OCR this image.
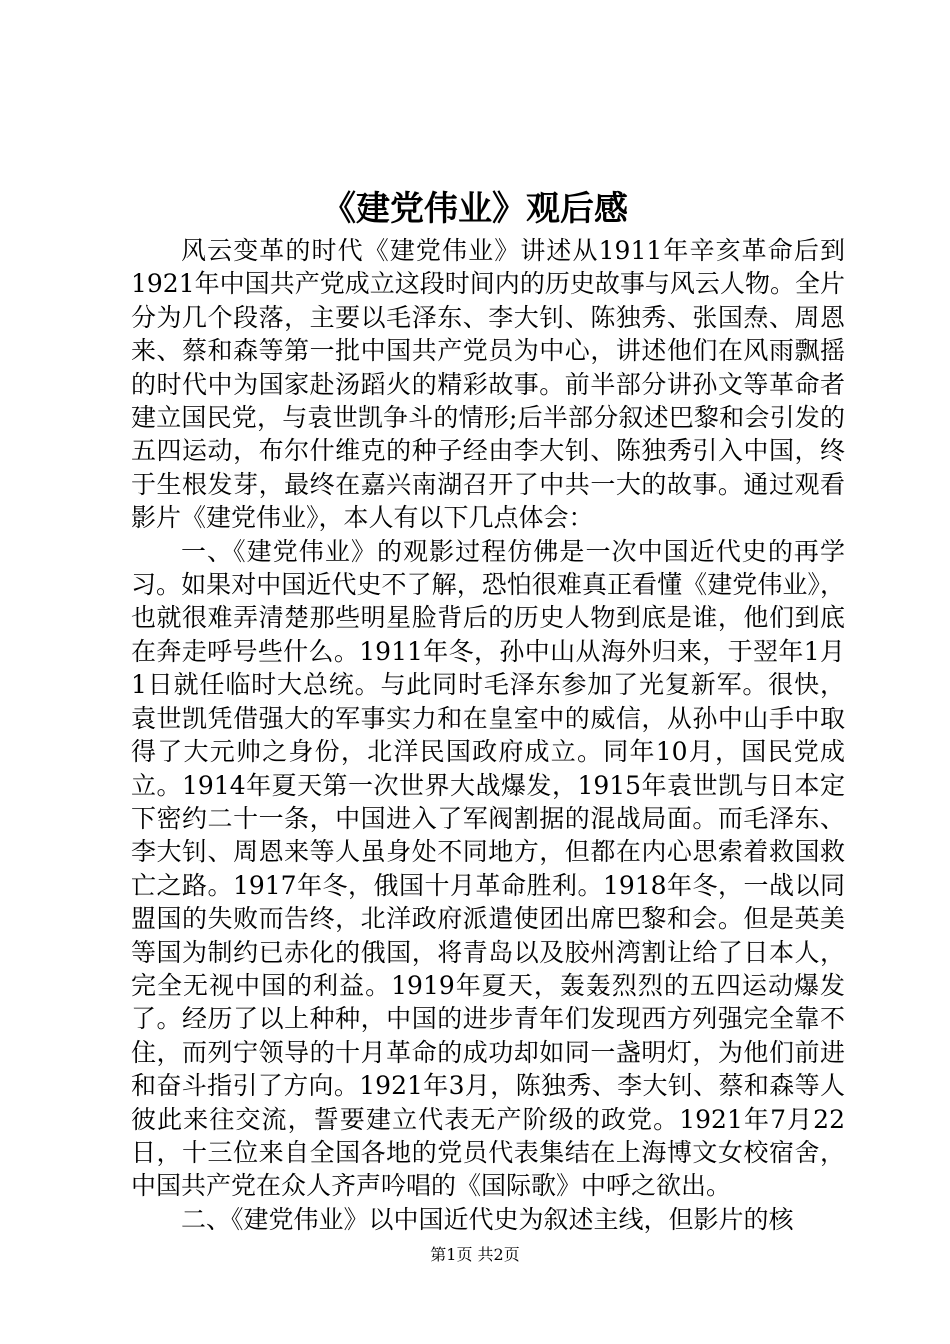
《建党伟业》观后感

风云变革的时代《建党伟业》讲述从1911年辛亥革命后到1921年中国共产党成立这段时间内的历史故事与风云人物。全片分为几个段落，主要以毛泽东、李大钊、陈独秀、张国焘、周恩来、蔡和森等第一批中国共产党员为中心，讲述他们在风雨飘摇的时代中为国家赴汤蹈火的精彩故事。前半部分讲孙文等革命者建立国民党，与袁世凯争斗的情形;后半部分叙述巴黎和会引发的五四运动，布尔什维克的种子经由李大钊、陈独秀引入中国，终于生根发芽，最终在嘉兴南湖召开了中共一大的故事。通过观看影片《建党伟业》，本人有以下几点体会：

一、《建党伟业》的观影过程仿佛是一次中国近代史的再学习。如果对中国近代史不了解，恐怕很难真正看懂《建党伟业》，也就很难弄清楚那些明星脸背后的历史人物到底是谁，他们到底在奔走呼号些什么。1911年冬，孙中山从海外归来，于翌年1月1日就任临时大总统。与此同时毛泽东参加了光复新军。很快，袁世凯凭借强大的军事实力和在皇室中的威信，从孙中山手中取得了大元帅之身份，北洋民国政府成立。同年10月，国民党成立。1914年夏天第一次世界大战爆发，1915年袁世凯与日本定下密约二十一条，中国进入了军阀割据的混战局面。而毛泽东、李大钊、周恩来等人虽身处不同地方，但都在内心思索着救国救亡之路。1917年冬，俄国十月革命胜利。1918年冬，一战以同盟国的失败而告终，北洋政府派遣使团出席巴黎和会。但是英美等国为制约已赤化的俄国，将青岛以及胶州湾割让给了日本人，完全无视中国的利益。1919年夏天，轰轰烈烈的五四运动爆发了。经历了以上种种，中国的进步青年们发现西方列强完全靠不住，而列宁领导的十月革命的成功却如同一盏明灯，为他们前进和奋斗指引了方向。1921年3月，陈独秀、李大钊、蔡和森等人彼此来往交流，誓要建立代表无产阶级的政党。1921年7月22日，十三位来自全国各地的党员代表集结在上海博文女校宿舍，中国共产党在众人齐声吟唱的《国际歌》中呼之欲出。

二、《建党伟业》以中国近代史为叙述主线，但影片的核

第1页 共2页
